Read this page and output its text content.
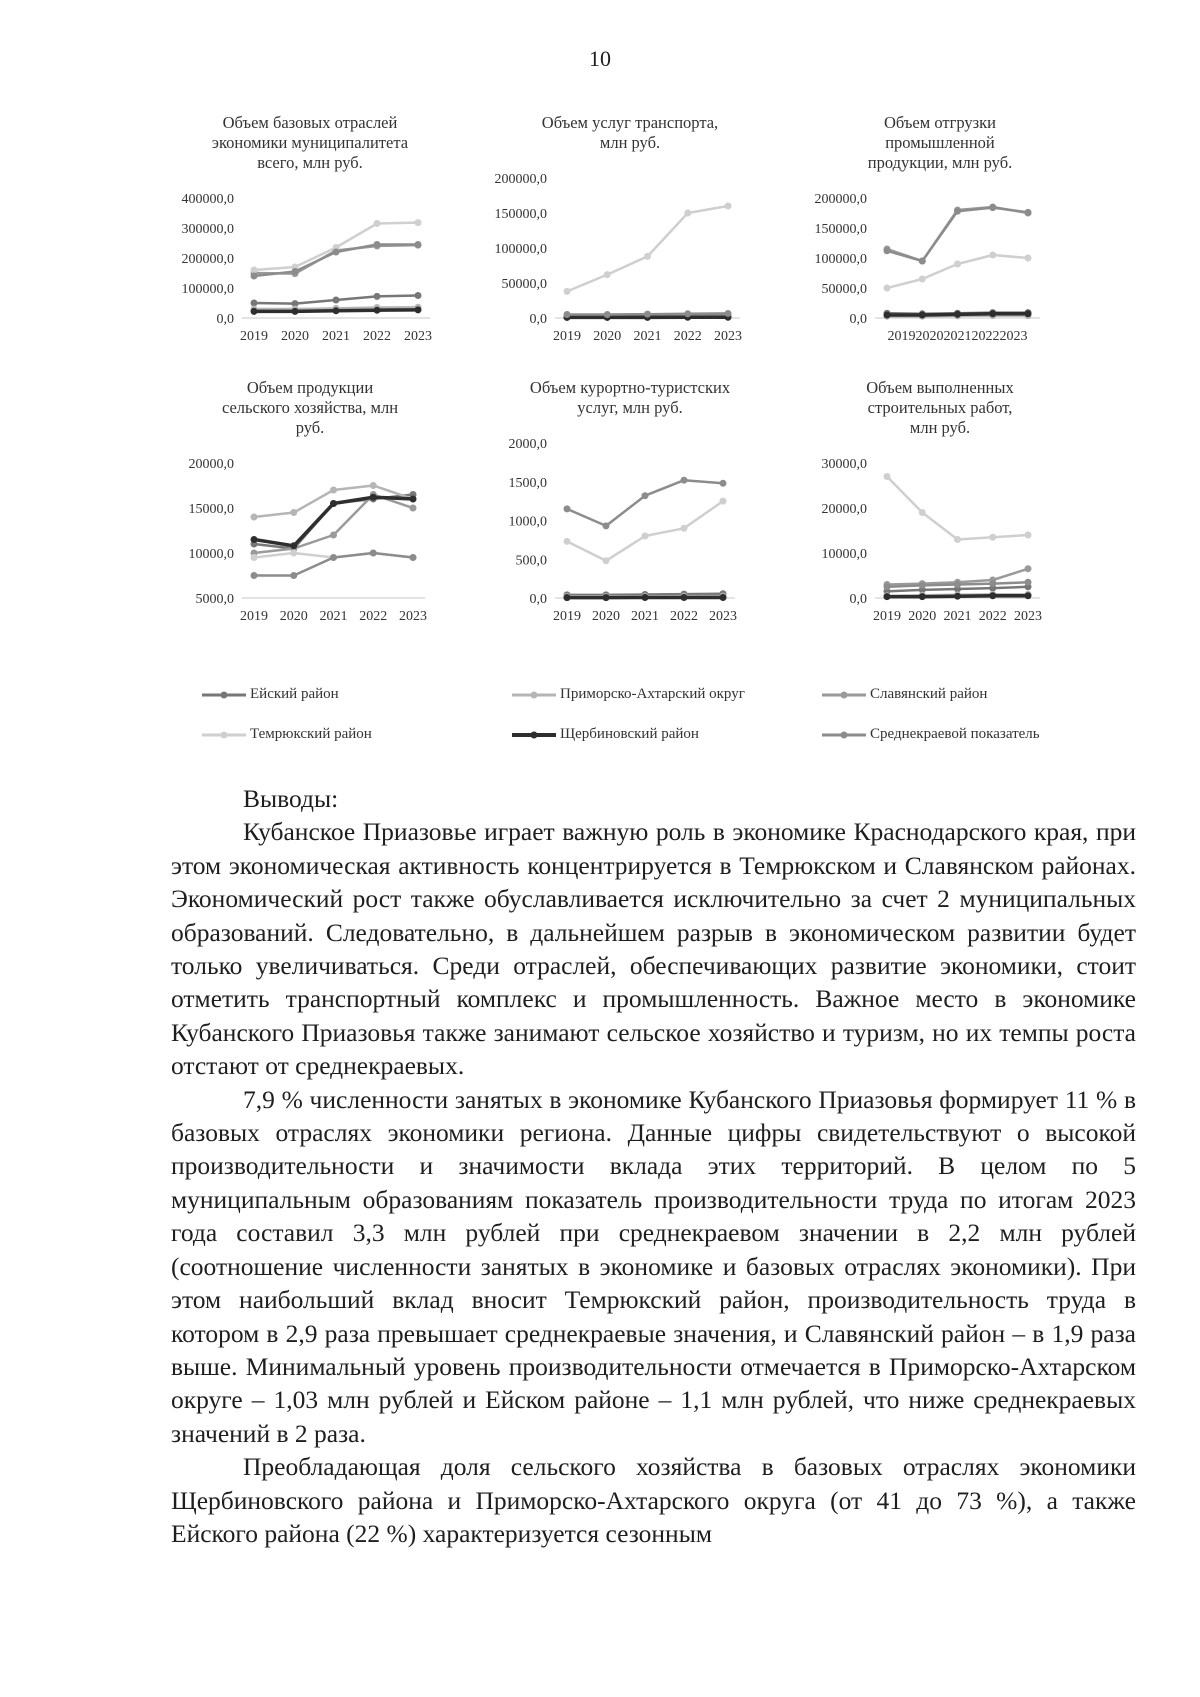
10
Объем базовых отраслей
экономики муниципалитета
всего, млн руб.
0,0
100000,0
200000,0
300000,0
400000,0
2019 2020 2021 2022 2023
Объем услуг транспорта,
млн руб.
0,0
50000,0
100000,0
150000,0
200000,0
2019 2020 2021 2022 2023
Объем отгрузки
промышленной
продукции, млн руб.
0,0
50000,0
100000,0
150000,0
200000,0
20192020202120222023
Объем продукции
сельского хозяйства, млн
руб.
5000,0
10000,0
15000,0
20000,0
2019 2020 2021 2022 2023
Объем курортно-туристских
услуг, млн руб.
0,0
500,0
1000,0
1500,0
2000,0
2019 2020 2021 2022 2023
Объем выполненных
строительных работ,
млн руб.
0,0
10000,0
20000,0
30000,0
2019 2020 2021 2022 2023
Ейский район	Приморско-Ахтарский округ	Славянский район
Темрюкский район	Щербиновский район	Среднекраевой показатель

Выводы:

Кубанское Приазовье играет важную роль в экономике Краснодарского края, при этом экономическая активность концентрируется в Темрюкском и Славянском районах. Экономический рост также обуславливается исключительно за счет 2 муниципальных образований. Следовательно, в дальнейшем разрыв в экономическом развитии будет только увеличиваться. Среди отраслей, обеспечивающих развитие экономики, стоит отметить транспортный комплекс и промышленность. Важное место в экономике Кубанского Приазовья также занимают сельское хозяйство и туризм, но их темпы роста отстают от среднекраевых.

7,9 % численности занятых в экономике Кубанского Приазовья формирует 11 % в базовых отраслях экономики региона. Данные цифры свидетельствуют о высокой производительности и значимости вклада этих территорий. В целом по 5 муниципальным образованиям показатель производительности труда по итогам 2023 года составил 3,3 млн рублей при среднекраевом значении в 2,2 млн рублей (соотношение численности занятых в экономике и базовых отраслях экономики). При этом наибольший вклад вносит Темрюкский район, производительность труда в котором в 2,9 раза превышает среднекраевые значения, и Славянский район – в 1,9 раза выше. Минимальный уровень производительности отмечается в Приморско-Ахтарском округе – 1,03 млн рублей и Ейском районе – 1,1 млн рублей, что ниже среднекраевых значений в 2 раза.

Преобладающая доля сельского хозяйства в базовых отраслях экономики Щербиновского района и Приморско-Ахтарского округа (от 41 до 73 %), а также Ейского района (22 %) характеризуется сезонным
